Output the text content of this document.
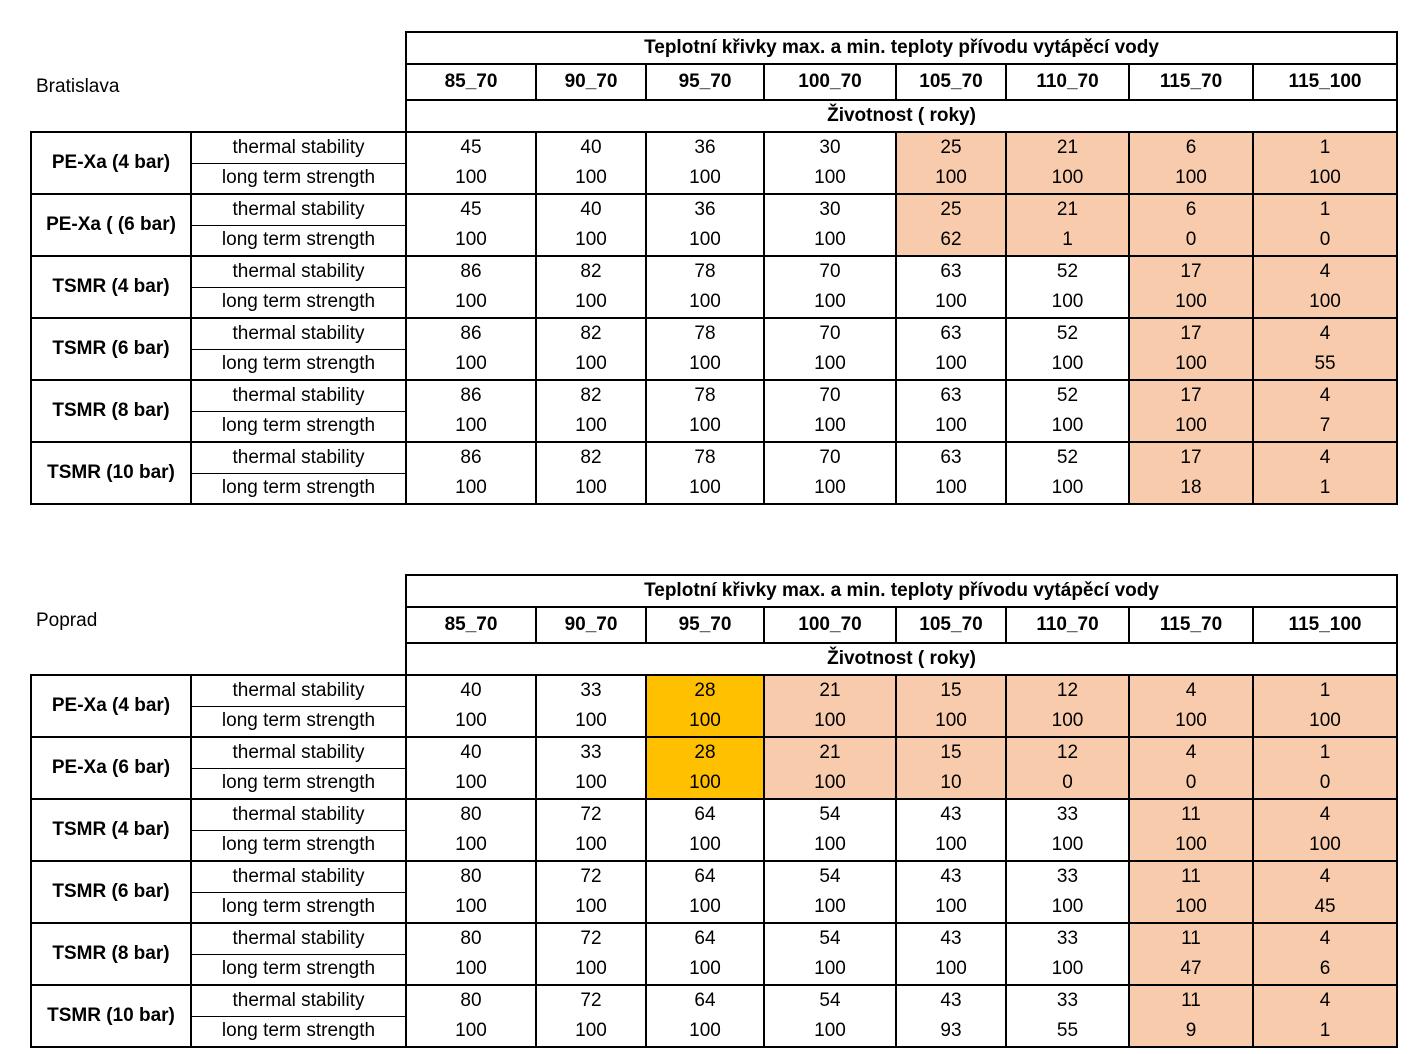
Bratislava
Poprad
		Teplotní křivky max. a min. teploty přívodu vytápěcí vody							
		85_70	90_70	95_70	100_70	105_70	110_70	115_70	115_100
		Životnost ( roky)							
PE-Xa (4 bar)	thermal stability	45	40	36	30	25	21	6	1
	long term strength	100	100	100	100	100	100	100	100
PE-Xa ( (6 bar)	thermal stability	45	40	36	30	25	21	6	1
	long term strength	100	100	100	100	62	1	0	0
TSMR (4 bar)	thermal stability	86	82	78	70	63	52	17	4
	long term strength	100	100	100	100	100	100	100	100
TSMR (6 bar)	thermal stability	86	82	78	70	63	52	17	4
	long term strength	100	100	100	100	100	100	100	55
TSMR (8 bar)	thermal stability	86	82	78	70	63	52	17	4
	long term strength	100	100	100	100	100	100	100	7
TSMR (10 bar)	thermal stability	86	82	78	70	63	52	17	4
	long term strength	100	100	100	100	100	100	18	1
		Teplotní křivky max. a min. teploty přívodu vytápěcí vody							
		85_70	90_70	95_70	100_70	105_70	110_70	115_70	115_100
		Životnost ( roky)							
PE-Xa (4 bar)	thermal stability	40	33	28	21	15	12	4	1
	long term strength	100	100	100	100	100	100	100	100
PE-Xa (6 bar)	thermal stability	40	33	28	21	15	12	4	1
	long term strength	100	100	100	100	10	0	0	0
TSMR (4 bar)	thermal stability	80	72	64	54	43	33	11	4
	long term strength	100	100	100	100	100	100	100	100
TSMR (6 bar)	thermal stability	80	72	64	54	43	33	11	4
	long term strength	100	100	100	100	100	100	100	45
TSMR (8 bar)	thermal stability	80	72	64	54	43	33	11	4
	long term strength	100	100	100	100	100	100	47	6
TSMR (10 bar)	thermal stability	80	72	64	54	43	33	11	4
	long term strength	100	100	100	100	93	55	9	1
